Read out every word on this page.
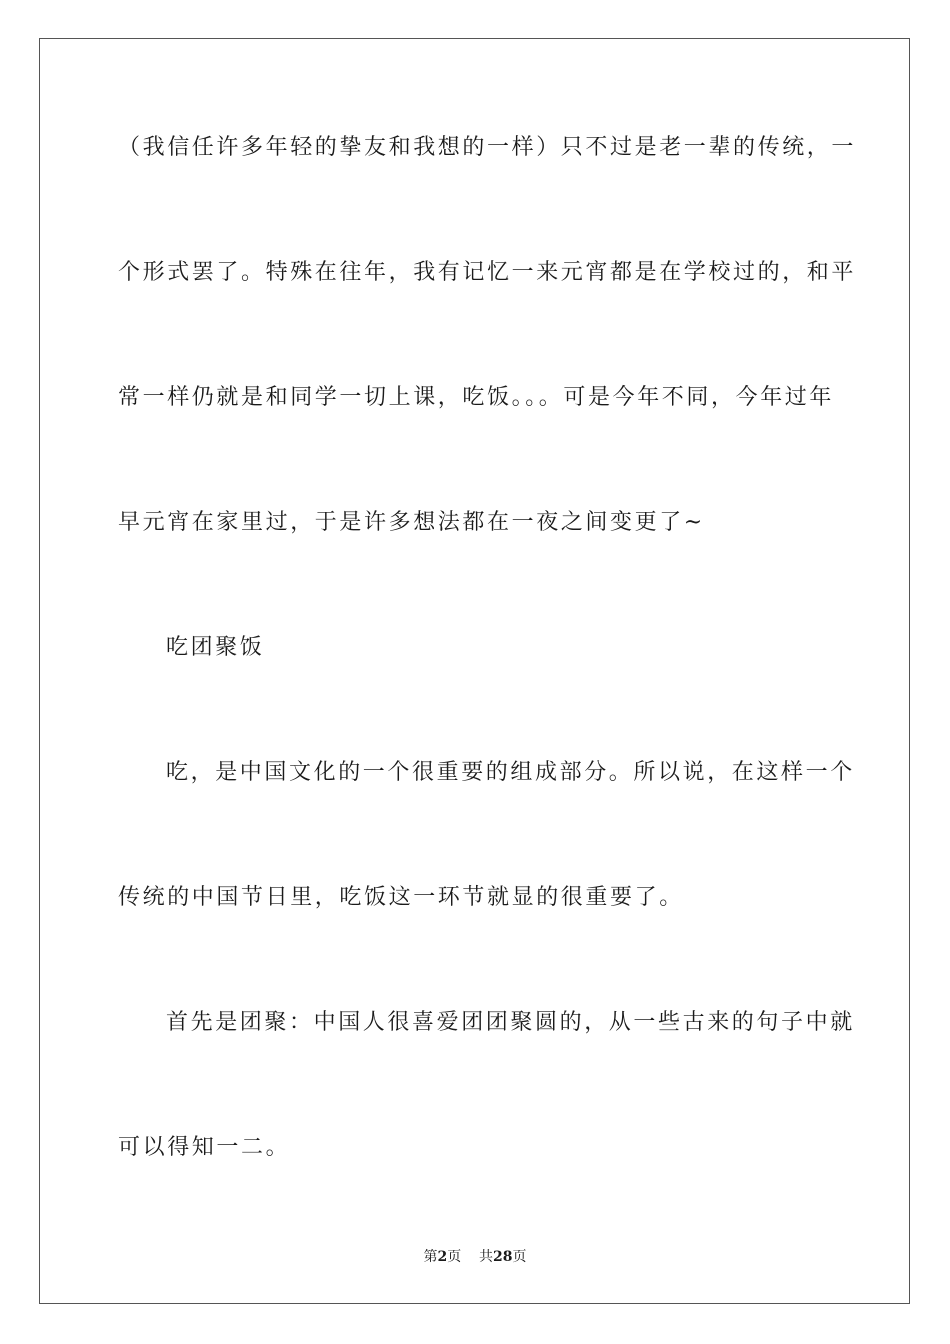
（我信任许多年轻的挚友和我想的一样）只不过是老一辈的传统，一
个形式罢了。特殊在往年，我有记忆一来元宵都是在学校过的，和平
常一样仍就是和同学一切上课，吃饭。。。可是今年不同，今年过年
早元宵在家里过，于是许多想法都在一夜之间变更了~
吃团聚饭
吃，是中国文化的一个很重要的组成部分。所以说，在这样一个
传统的中国节日里，吃饭这一环节就显的很重要了。
首先是团聚：中国人很喜爱团团聚圆的，从一些古来的句子中就
可以得知一二。
第2页 共28页
